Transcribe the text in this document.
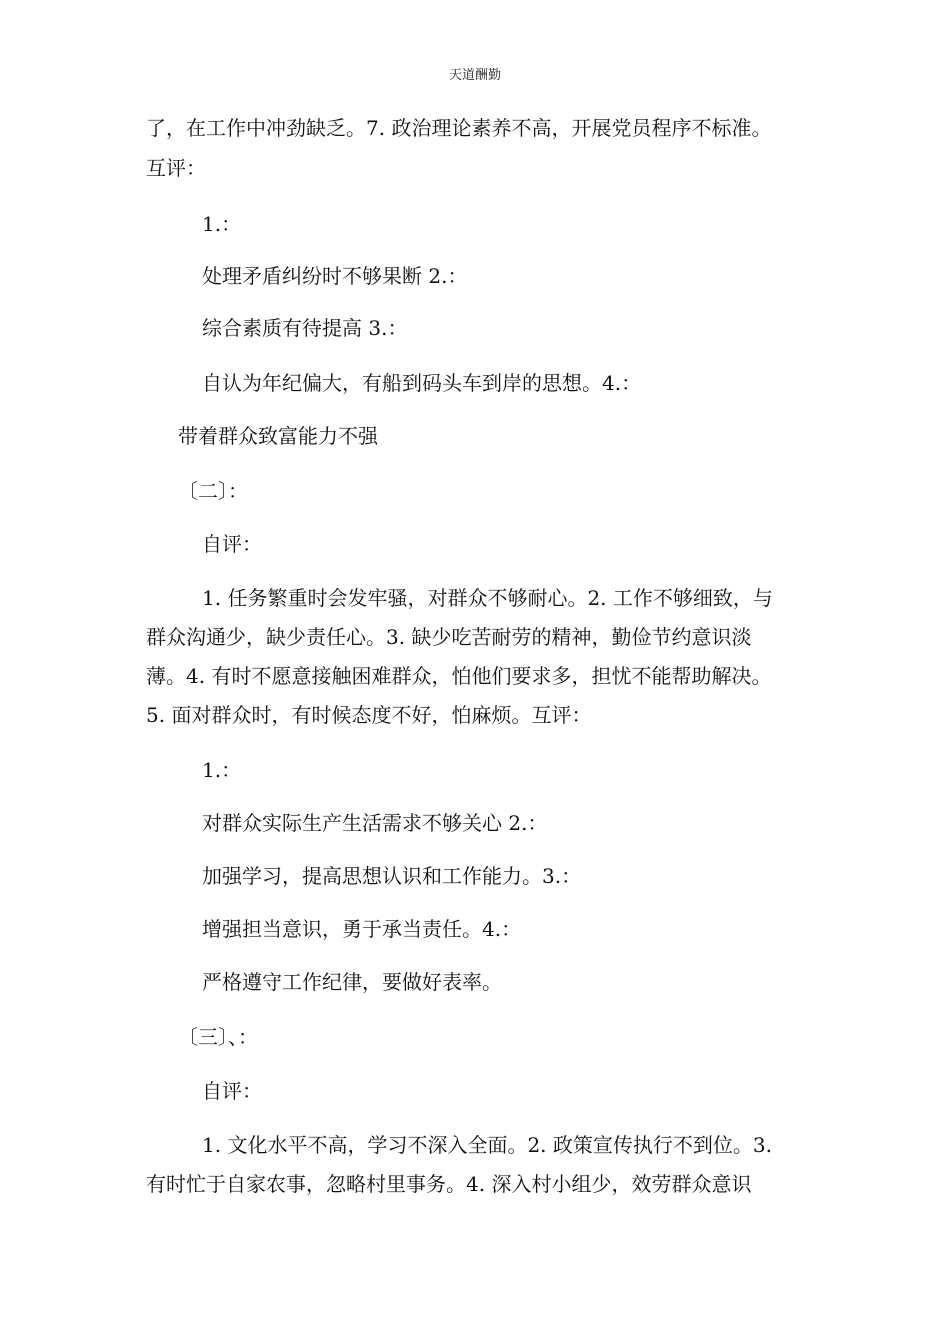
天道酬勤
了，在工作中冲劲缺乏。7. 政治理论素养不高，开展党员程序不标准。
互评：
1.：
处理矛盾纠纷时不够果断 2.：
综合素质有待提高 3.：
自认为年纪偏大，有船到码头车到岸的思想。4.：
带着群众致富能力不强
〔二〕：
自评：
1. 任务繁重时会发牢骚，对群众不够耐心。2. 工作不够细致，与
群众沟通少，缺少责任心。3. 缺少吃苦耐劳的精神，勤俭节约意识淡
薄。4. 有时不愿意接触困难群众，怕他们要求多，担忧不能帮助解决。
5. 面对群众时，有时候态度不好，怕麻烦。互评：
1.：
对群众实际生产生活需求不够关心 2.：
加强学习，提高思想认识和工作能力。3.：
增强担当意识，勇于承当责任。4.：
严格遵守工作纪律，要做好表率。
〔三〕、：
自评：
1. 文化水平不高，学习不深入全面。2. 政策宣传执行不到位。3.
有时忙于自家农事，忽略村里事务。4. 深入村小组少，效劳群众意识
